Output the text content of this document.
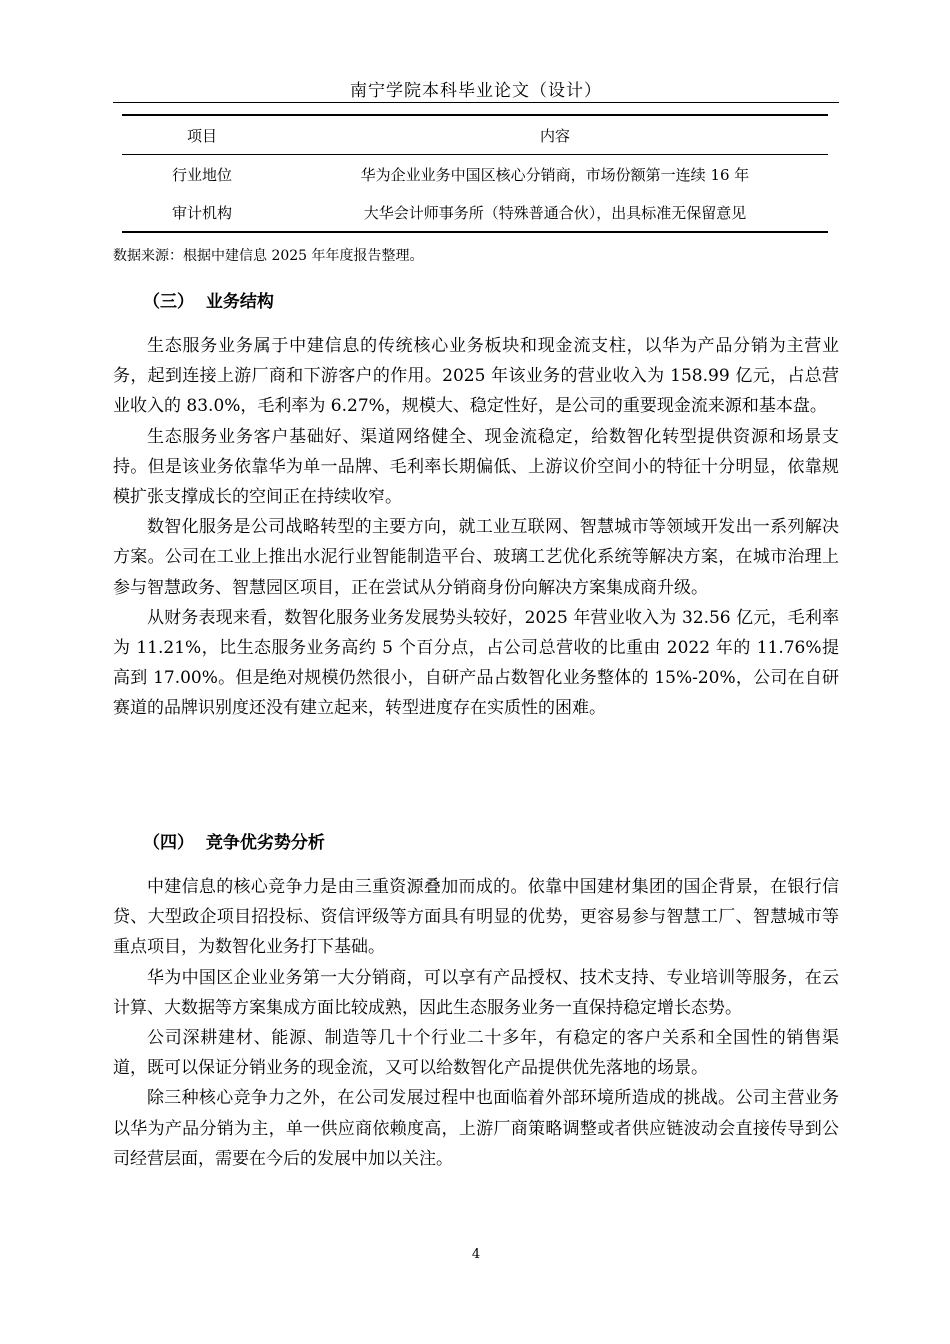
南宁学院本科毕业论文（设计）
项目	内容
行业地位	华为企业业务中国区核心分销商，市场份额第一连续 16 年
审计机构	大华会计师事务所（特殊普通合伙），出具标准无保留意见
数据来源：根据中建信息 2025 年年度报告整理。
（三）  业务结构

生态服务业务属于中建信息的传统核心业务板块和现金流支柱，以华为产品分销为主营业务，起到连接上游厂商和下游客户的作用。2025 年该业务的营业收入为 158.99 亿元，占总营业收入的 83.0%，毛利率为 6.27%，规模大、稳定性好，是公司的重要现金流来源和基本盘。

生态服务业务客户基础好、渠道网络健全、现金流稳定，给数智化转型提供资源和场景支持。但是该业务依靠华为单一品牌、毛利率长期偏低、上游议价空间小的特征十分明显，依靠规模扩张支撑成长的空间正在持续收窄。

数智化服务是公司战略转型的主要方向，就工业互联网、智慧城市等领域开发出一系列解决方案。公司在工业上推出水泥行业智能制造平台、玻璃工艺优化系统等解决方案，在城市治理上参与智慧政务、智慧园区项目，正在尝试从分销商身份向解决方案集成商升级。

从财务表现来看，数智化服务业务发展势头较好，2025 年营业收入为 32.56 亿元，毛利率为 11.21%，比生态服务业务高约 5 个百分点，占公司总营收的比重由 2022 年的 11.76%提高到 17.00%。但是绝对规模仍然很小，自研产品占数智化业务整体的 15%-20%，公司在自研赛道的品牌识别度还没有建立起来，转型进度存在实质性的困难。

（四）  竞争优劣势分析

中建信息的核心竞争力是由三重资源叠加而成的。依靠中国建材集团的国企背景，在银行信贷、大型政企项目招投标、资信评级等方面具有明显的优势，更容易参与智慧工厂、智慧城市等重点项目，为数智化业务打下基础。

华为中国区企业业务第一大分销商，可以享有产品授权、技术支持、专业培训等服务，在云计算、大数据等方案集成方面比较成熟，因此生态服务业务一直保持稳定增长态势。

公司深耕建材、能源、制造等几十个行业二十多年，有稳定的客户关系和全国性的销售渠道，既可以保证分销业务的现金流，又可以给数智化产品提供优先落地的场景。

除三种核心竞争力之外，在公司发展过程中也面临着外部环境所造成的挑战。公司主营业务以华为产品分销为主，单一供应商依赖度高，上游厂商策略调整或者供应链波动会直接传导到公司经营层面，需要在今后的发展中加以关注。

4
